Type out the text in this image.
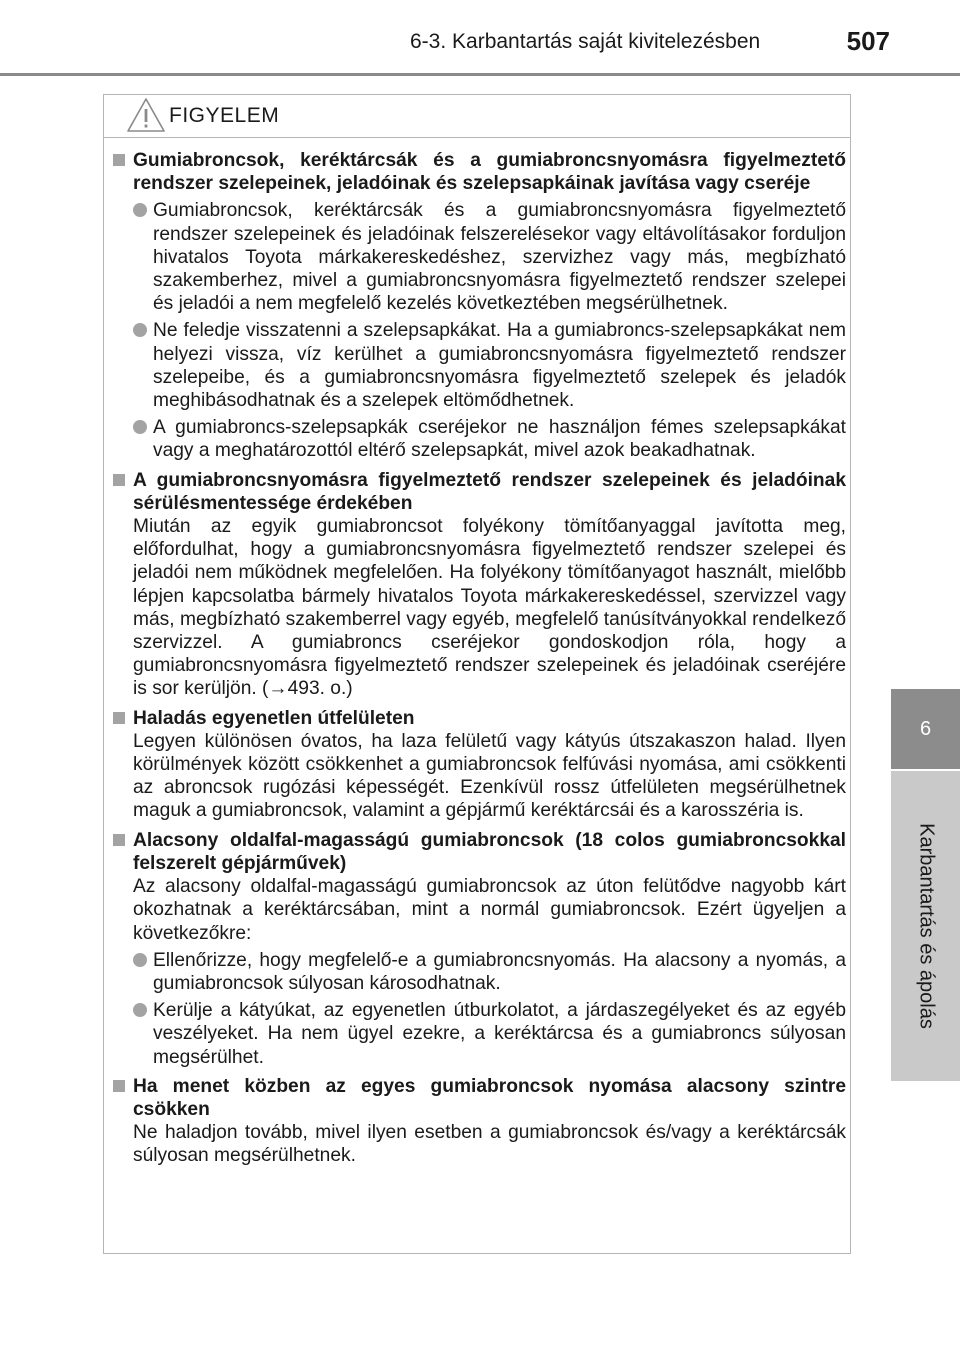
6-3. Karbantartás saját kivitelezésben	507
6
Karbantartás és ápolás
FIGYELEM
Gumiabroncsok, keréktárcsák és a gumiabroncsnyomásra figyelmeztető rendszer szelepeinek, jeladóinak és szelepsapkáinak javítása vagy cseréje
Gumiabroncsok, keréktárcsák és a gumiabroncsnyomásra figyelmeztető rendszer szelepeinek és jeladóinak felszerelésekor vagy eltávolításakor forduljon hivatalos Toyota márkakereskedéshez, szervizhez vagy más, megbízható szakemberhez, mivel a gumiabroncsnyomásra figyelmeztető rendszer szelepei és jeladói a nem megfelelő kezelés következtében megsérülhetnek.
Ne feledje visszatenni a szelepsapkákat. Ha a gumiabroncs-szelepsapkákat nem helyezi vissza, víz kerülhet a gumiabroncsnyomásra figyelmeztető rendszer szelepeibe, és a gumiabroncsnyomásra figyelmeztető szelepek és jeladók meghibásodhatnak és a szelepek eltömődhetnek.
A gumiabroncs-szelepsapkák cseréjekor ne használjon fémes szelepsapkákat vagy a meghatározottól eltérő szelepsapkát, mivel azok beakadhatnak.
A gumiabroncsnyomásra figyelmeztető rendszer szelepeinek és jeladóinak sérülésmentessége érdekében
Miután az egyik gumiabroncsot folyékony tömítőanyaggal javította meg, előfordulhat, hogy a gumiabroncsnyomásra figyelmeztető rendszer szelepei és jeladói nem működnek megfelelően. Ha folyékony tömítőanyagot használt, mielőbb lépjen kapcsolatba bármely hivatalos Toyota márkakereskedéssel, szervizzel vagy más, megbízható szakemberrel vagy egyéb, megfelelő tanúsítványokkal rendelkező szervizzel. A gumiabroncs cseréjekor gondoskodjon róla, hogy a gumiabroncsnyomásra figyelmeztető rendszer szelepeinek és jeladóinak cseréjére is sor kerüljön. (→493. o.)
Haladás egyenetlen útfelületen
Legyen különösen óvatos, ha laza felületű vagy kátyús útszakaszon halad. Ilyen körülmények között csökkenhet a gumiabroncsok felfúvási nyomása, ami csökkenti az abroncsok rugózási képességét. Ezenkívül rossz útfelületen megsérülhetnek maguk a gumiabroncsok, valamint a gépjármű keréktárcsái és a karosszéria is.
Alacsony oldalfal-magasságú gumiabroncsok (18 colos gumiabroncsokkal felszerelt gépjárművek)
Az alacsony oldalfal-magasságú gumiabroncsok az úton felütődve nagyobb kárt okozhatnak a keréktárcsában, mint a normál gumiabroncsok. Ezért ügyeljen a következőkre:
Ellenőrizze, hogy megfelelő-e a gumiabroncsnyomás. Ha alacsony a nyomás, a gumiabroncsok súlyosan károsodhatnak.
Kerülje a kátyúkat, az egyenetlen útburkolatot, a járdaszegélyeket és az egyéb veszélyeket. Ha nem ügyel ezekre, a keréktárcsa és a gumiabroncs súlyosan megsérülhet.
Ha menet közben az egyes gumiabroncsok nyomása alacsony szintre csökken
Ne haladjon tovább, mivel ilyen esetben a gumiabroncsok és/vagy a keréktárcsák súlyosan megsérülhetnek.
